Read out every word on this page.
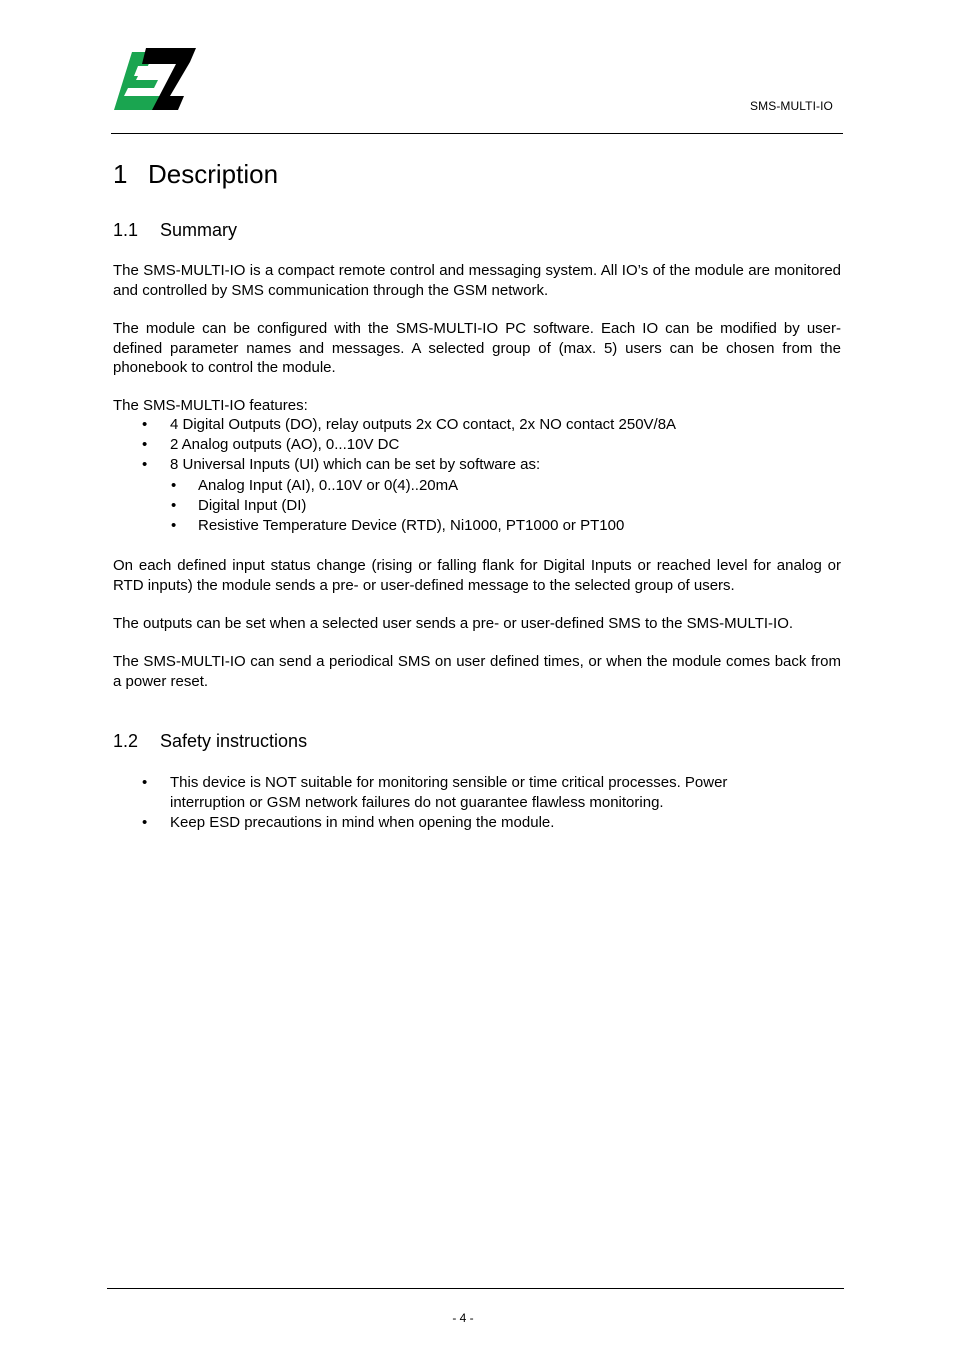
SMS-MULTI-IO
1 Description
1.1 Summary
The SMS-MULTI-IO is a compact remote control and messaging system. All IO’s of the module are monitored and controlled by SMS communication through the GSM network.
The module can be configured with the SMS-MULTI-IO PC software. Each IO can be modified by user-defined parameter names and messages. A selected group of (max. 5) users can be chosen from the phonebook to control the module.
The SMS-MULTI-IO features:
• 4 Digital Outputs (DO), relay outputs 2x CO contact, 2x NO contact 250V/8A
• 2 Analog outputs (AO), 0...10V DC
• 8 Universal Inputs (UI) which can be set by software as:
• Analog Input (AI), 0..10V or 0(4)..20mA
• Digital Input (DI)
• Resistive Temperature Device (RTD), Ni1000, PT1000 or PT100
On each defined input status change (rising or falling flank for Digital Inputs or reached level for analog or RTD inputs) the module sends a pre- or user-defined message to the selected group of users.
The outputs can be set when a selected user sends a pre- or user-defined SMS to the SMS-MULTI-IO.
The SMS-MULTI-IO can send a periodical SMS on user defined times, or when the module comes back from a power reset.
1.2 Safety instructions
• This device is NOT suitable for monitoring sensible or time critical processes. Power interruption or GSM network failures do not guarantee flawless monitoring.
• Keep ESD precautions in mind when opening the module.
- 4 -
